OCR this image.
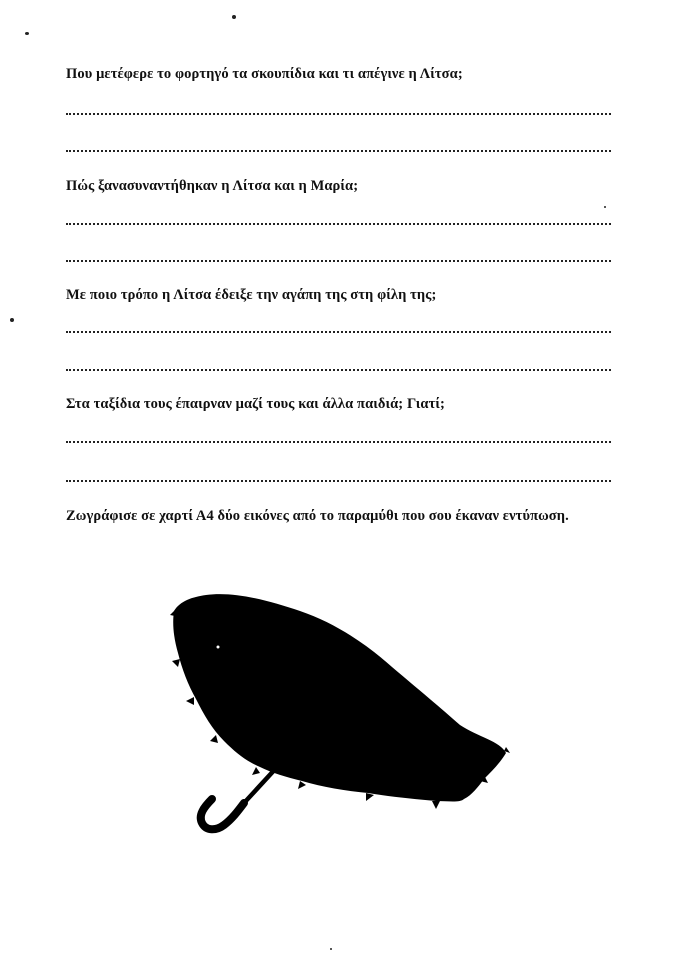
Που μετέφερε το φορτηγό τα σκουπίδια και τι απέγινε η Λίτσα;
Πώς ξανασυναντήθηκαν η Λίτσα και η Μαρία;
Με ποιο τρόπο η Λίτσα έδειξε την αγάπη της στη φίλη της;
Στα ταξίδια τους έπαιρναν μαζί τους και άλλα παιδιά; Γιατί;
Ζωγράφισε σε χαρτί Α4 δύο εικόνες από το παραμύθι που σου έκαναν εντύπωση.
